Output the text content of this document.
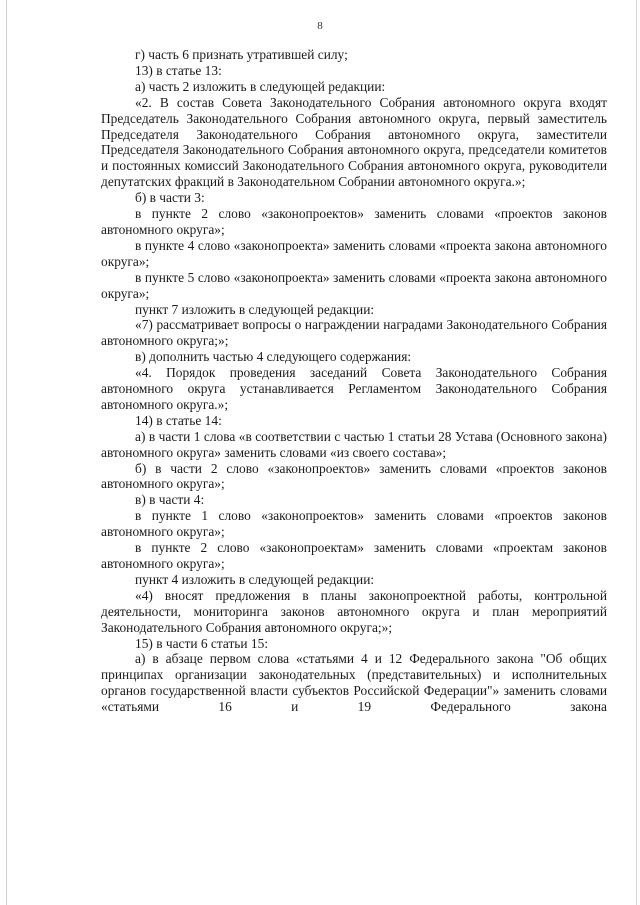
8

г) часть 6 признать утратившей силу;

13) в статье 13:

а) часть 2 изложить в следующей редакции:

«2. В состав Совета Законодательного Собрания автономного округа входят Председатель Законодательного Собрания автономного округа, первый заместитель Председателя Законодательного Собрания автономного округа, заместители Председателя Законодательного Собрания автономного округа, председатели комитетов и постоянных комиссий Законодательного Собрания автономного округа, руководители депутатских фракций в Законодательном Собрании автономного округа.»;

б) в части 3:

в пункте 2 слово «законопроектов» заменить словами «проектов законов автономного округа»;

в пункте 4 слово «законопроекта» заменить словами «проекта закона автономного округа»;

в пункте 5 слово «законопроекта» заменить словами «проекта закона автономного округа»;

пункт 7 изложить в следующей редакции:

«7) рассматривает вопросы о награждении наградами Законодательного Собрания автономного округа;»;

в) дополнить частью 4 следующего содержания:

«4. Порядок проведения заседаний Совета Законодательного Собрания автономного округа устанавливается Регламентом Законодательного Собрания автономного округа.»;

14) в статье 14:

а) в части 1 слова «в соответствии с частью 1 статьи 28 Устава (Основного закона) автономного округа» заменить словами «из своего состава»;

б) в части 2 слово «законопроектов» заменить словами «проектов законов автономного округа»;

в) в части 4:

в пункте 1 слово «законопроектов» заменить словами «проектов законов автономного округа»;

в пункте 2 слово «законопроектам» заменить словами «проектам законов автономного округа»;

пункт 4 изложить в следующей редакции:

«4) вносят предложения в планы законопроектной работы, контрольной деятельности, мониторинга законов автономного округа и план мероприятий Законодательного Собрания автономного округа;»;

15) в части 6 статьи 15:

а) в абзаце первом слова «статьями 4 и 12 Федерального закона "Об общих принципах организации законодательных (представительных) и исполнительных органов государственной власти субъектов Российской Федерации"» заменить словами «статьями 16 и 19 Федерального закона
